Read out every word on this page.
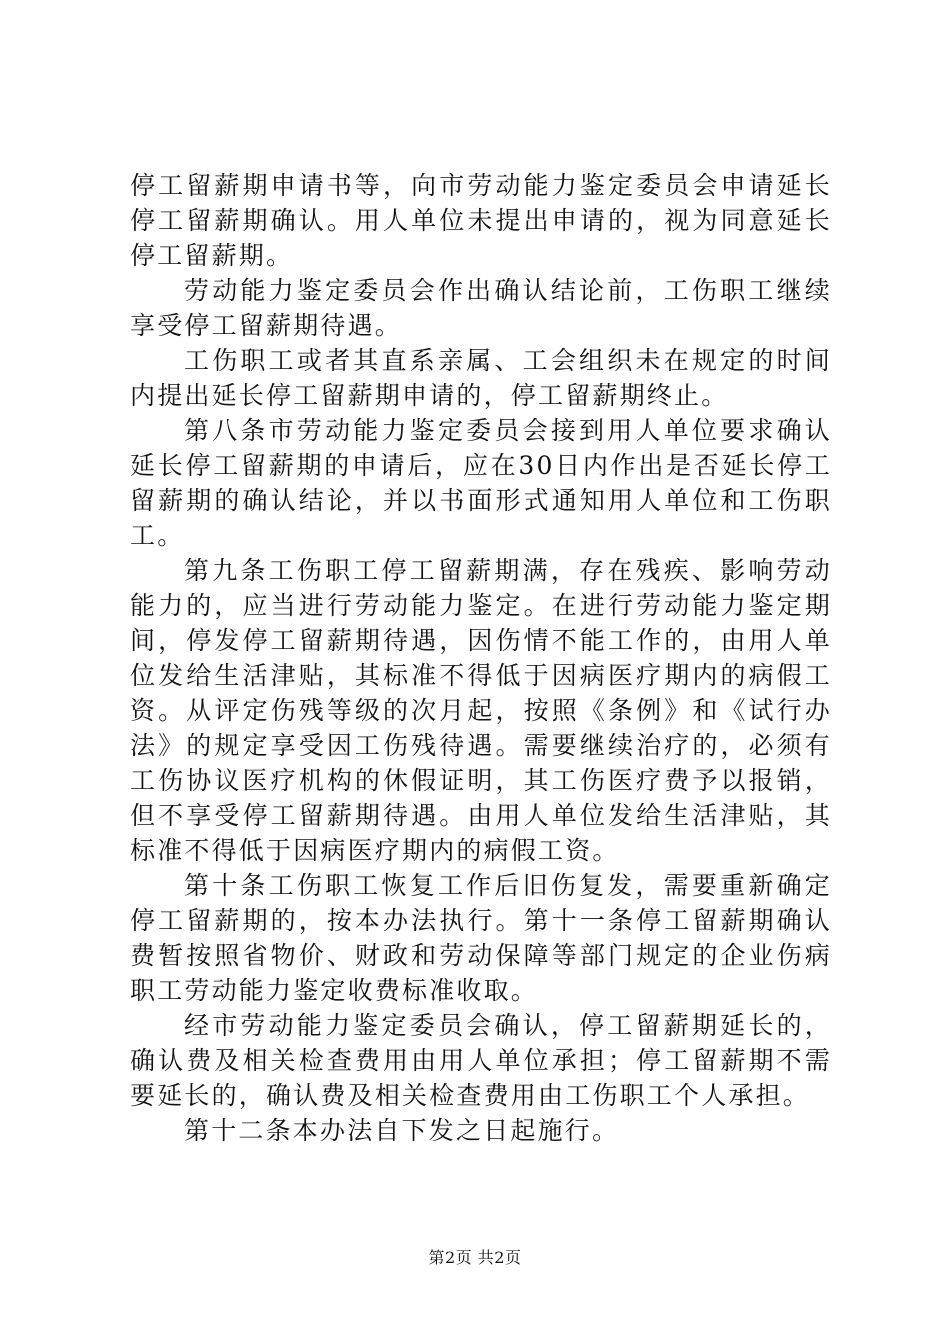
停工留薪期申请书等，向市劳动能力鉴定委员会申请延长停工留薪期确认。用人单位未提出申请的，视为同意延长停工留薪期。

劳动能力鉴定委员会作出确认结论前，工伤职工继续享受停工留薪期待遇。

工伤职工或者其直系亲属、工会组织未在规定的时间内提出延长停工留薪期申请的，停工留薪期终止。

第八条市劳动能力鉴定委员会接到用人单位要求确认延长停工留薪期的申请后，应在30日内作出是否延长停工留薪期的确认结论，并以书面形式通知用人单位和工伤职工。

第九条工伤职工停工留薪期满，存在残疾、影响劳动能力的，应当进行劳动能力鉴定。在进行劳动能力鉴定期间，停发停工留薪期待遇，因伤情不能工作的，由用人单位发给生活津贴，其标准不得低于因病医疗期内的病假工资。从评定伤残等级的次月起，按照《条例》和《试行办法》的规定享受因工伤残待遇。需要继续治疗的，必须有工伤协议医疗机构的休假证明，其工伤医疗费予以报销，但不享受停工留薪期待遇。由用人单位发给生活津贴，其标准不得低于因病医疗期内的病假工资。

第十条工伤职工恢复工作后旧伤复发，需要重新确定停工留薪期的，按本办法执行。第十一条停工留薪期确认费暂按照省物价、财政和劳动保障等部门规定的企业伤病职工劳动能力鉴定收费标准收取。

经市劳动能力鉴定委员会确认，停工留薪期延长的，确认费及相关检查费用由用人单位承担；停工留薪期不需要延长的，确认费及相关检查费用由工伤职工个人承担。

第十二条本办法自下发之日起施行。

第2页 共2页
